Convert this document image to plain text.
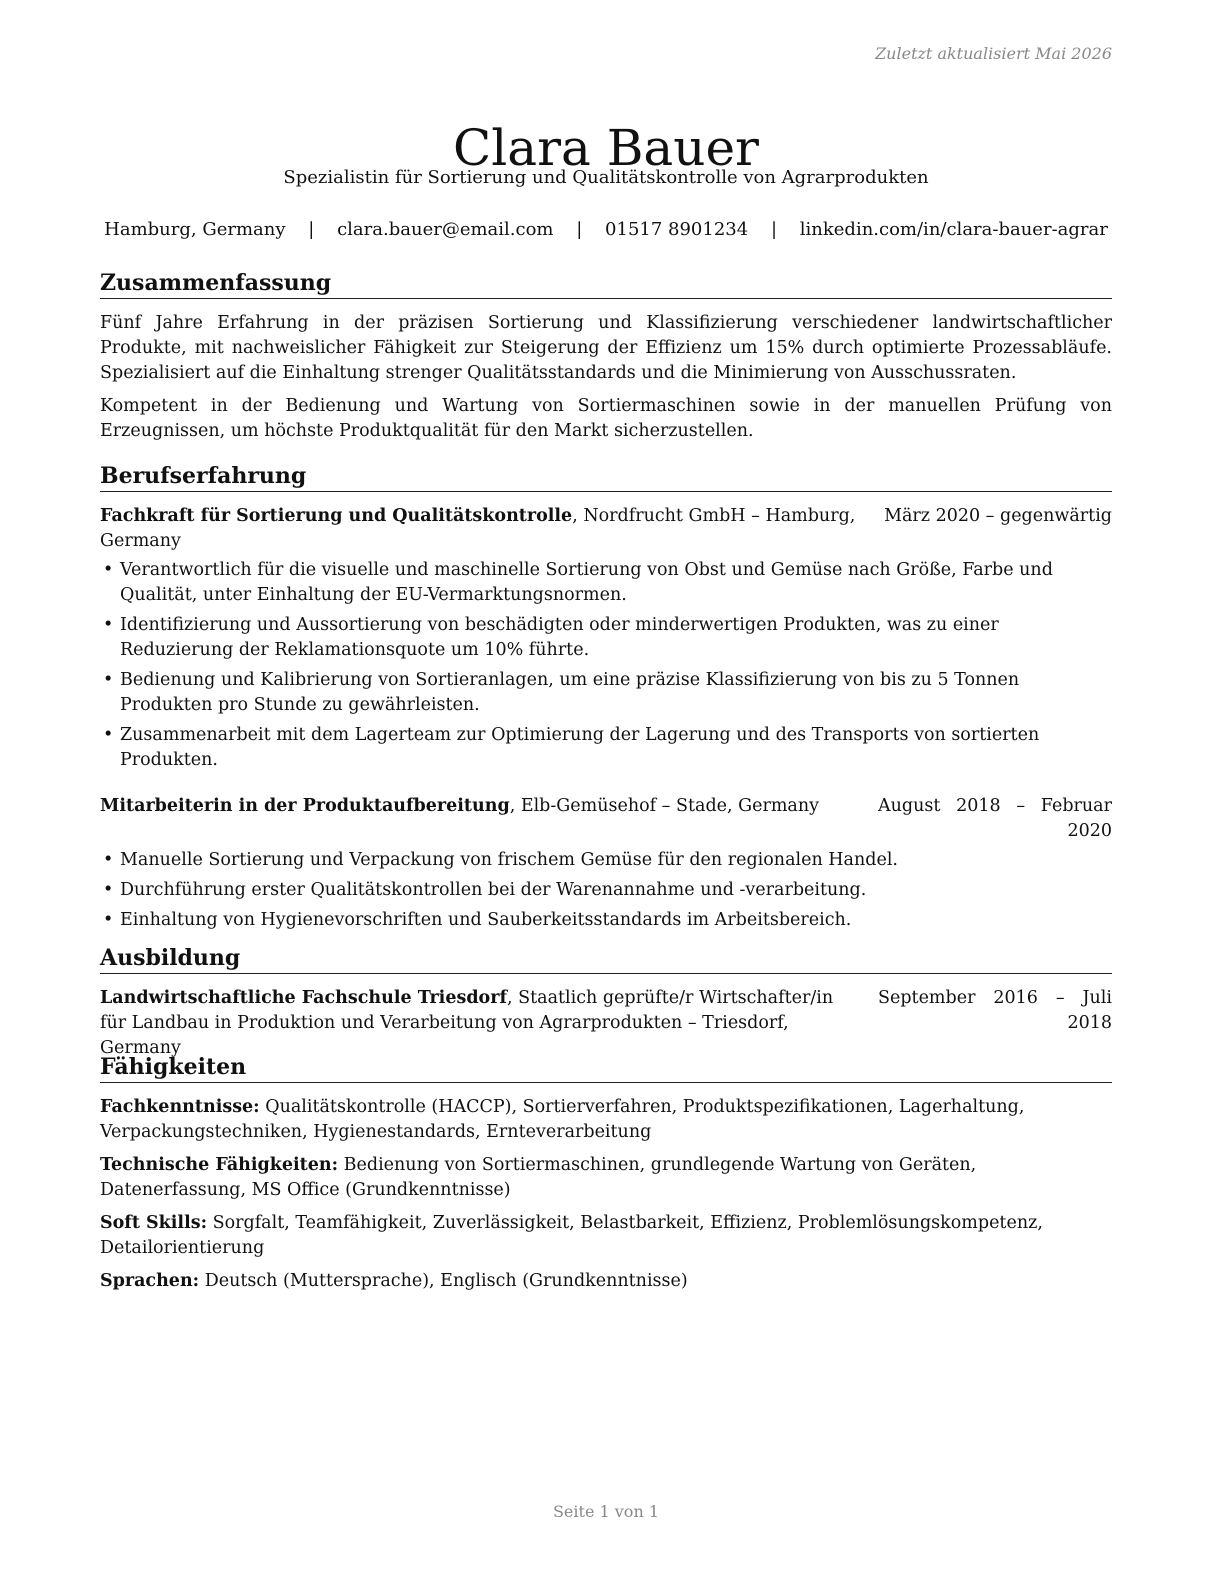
Zuletzt aktualisiert Mai 2026
Clara Bauer
Spezialistin für Sortierung und Qualitätskontrolle von Agrarprodukten
Hamburg, Germany | clara.bauer@email.com | 01517 8901234 | linkedin.com/in/clara-bauer-agrar
Zusammenfassung

Fünf Jahre Erfahrung in der präzisen Sortierung und Klassifizierung verschiedener landwirtschaftlicher Produkte, mit nachweislicher Fähigkeit zur Steigerung der Effizienz um 15% durch optimierte Prozessabläufe. Spezialisiert auf die Einhaltung strenger Qualitätsstandards und die Minimierung von Ausschussraten.

Kompetent in der Bedienung und Wartung von Sortiermaschinen sowie in der manuellen Prüfung von Erzeugnissen, um höchste Produktqualität für den Markt sicherzustellen.

Berufserfahrung
Fachkraft für Sortierung und Qualitätskontrolle, Nordfrucht GmbH – Hamburg, Germany
März 2020 – gegenwärtig
• Verantwortlich für die visuelle und maschinelle Sortierung von Obst und Gemüse nach Größe, Farbe und Qualität, unter Einhaltung der EU-Vermarktungsnormen.
• Identifizierung und Aussortierung von beschädigten oder minderwertigen Produkten, was zu einer Reduzierung der Reklamationsquote um 10% führte.
• Bedienung und Kalibrierung von Sortieranlagen, um eine präzise Klassifizierung von bis zu 5 Tonnen Produkten pro Stunde zu gewährleisten.
• Zusammenarbeit mit dem Lagerteam zur Optimierung der Lagerung und des Transports von sortierten Produkten.
Mitarbeiterin in der Produktaufbereitung, Elb-Gemüsehof – Stade, Germany	August 2018 – Februar 2020
• Manuelle Sortierung und Verpackung von frischem Gemüse für den regionalen Handel.
• Durchführung erster Qualitätskontrollen bei der Warenannahme und -verarbeitung.
• Einhaltung von Hygienevorschriften und Sauberkeitsstandards im Arbeitsbereich.
Ausbildung
Landwirtschaftliche Fachschule Triesdorf, Staatlich geprüfte/r Wirtschafter/in für Landbau in Produktion und Verarbeitung von Agrarprodukten – Triesdorf, Germany
September 2016 – Juli 2018
Fähigkeiten

Fachkenntnisse: Qualitätskontrolle (HACCP), Sortierverfahren, Produktspezifikationen, Lagerhaltung, Verpackungstechniken, Hygienestandards, Ernteverarbeitung

Technische Fähigkeiten: Bedienung von Sortiermaschinen, grundlegende Wartung von Geräten, Datenerfassung, MS Office (Grundkenntnisse)

Soft Skills: Sorgfalt, Teamfähigkeit, Zuverlässigkeit, Belastbarkeit, Effizienz, Problemlösungskompetenz, Detailorientierung

Sprachen: Deutsch (Muttersprache), Englisch (Grundkenntnisse)

Seite 1 von 1
